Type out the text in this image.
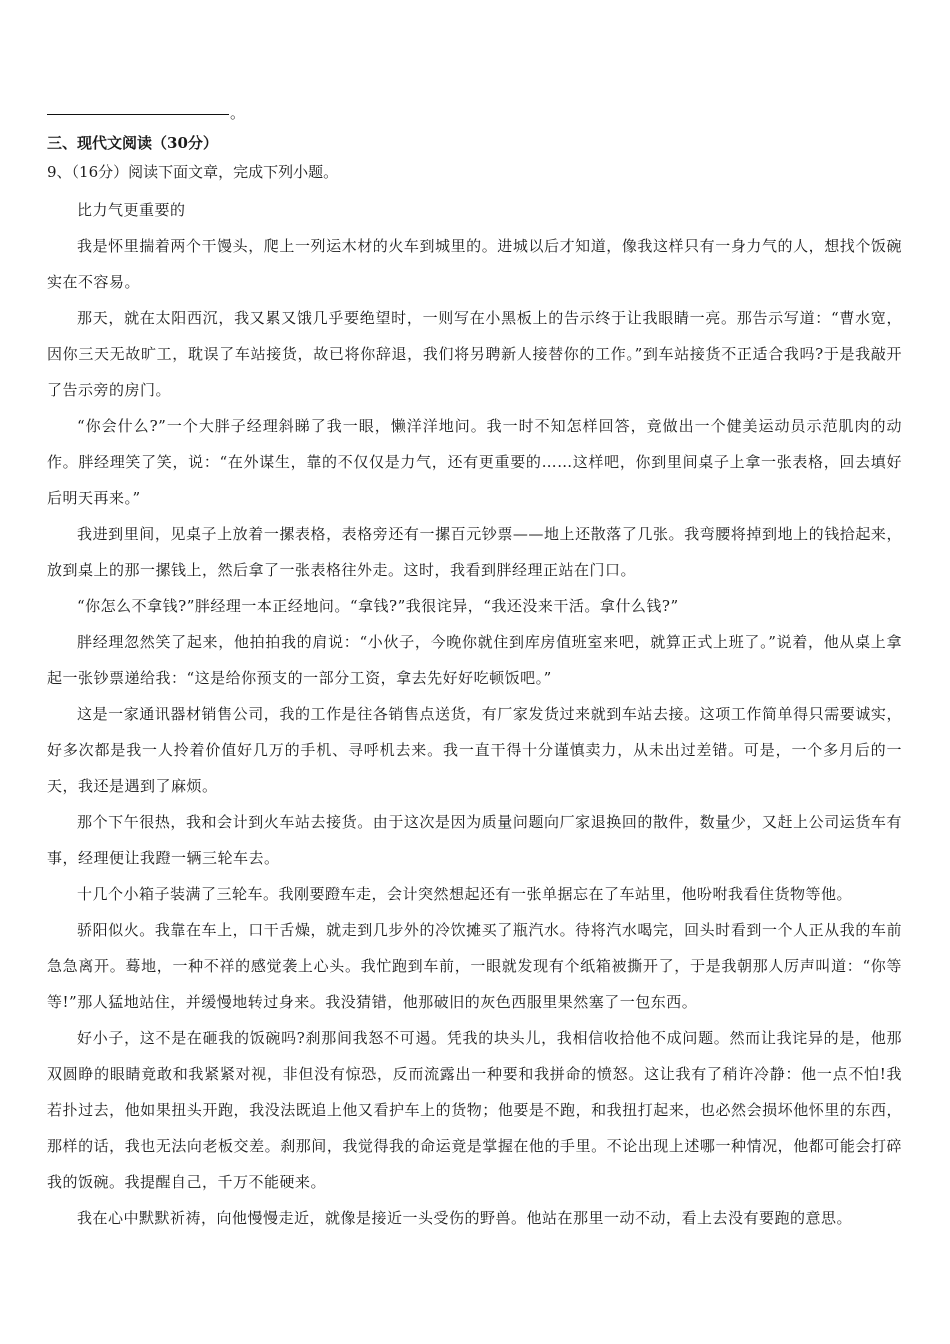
。
三、现代文阅读（30分）
9、（16分）阅读下面文章，完成下列小题。

比力气更重要的

我是怀里揣着两个干馒头，爬上一列运木材的火车到城里的。进城以后才知道，像我这样只有一身力气的人，想找个饭碗实在不容易。

那天，就在太阳西沉，我又累又饿几乎要绝望时，一则写在小黑板上的告示终于让我眼睛一亮。那告示写道：“曹水宽，因你三天无故旷工，耽误了车站接货，故已将你辞退，我们将另聘新人接替你的工作。”到车站接货不正适合我吗?于是我敲开了告示旁的房门。

“你会什么?”一个大胖子经理斜睇了我一眼，懒洋洋地问。我一时不知怎样回答，竟做出一个健美运动员示范肌肉的动作。胖经理笑了笑，说：“在外谋生，靠的不仅仅是力气，还有更重要的……这样吧，你到里间桌子上拿一张表格，回去填好后明天再来。”

我进到里间，见桌子上放着一摞表格，表格旁还有一摞百元钞票——地上还散落了几张。我弯腰将掉到地上的钱拾起来，放到桌上的那一摞钱上，然后拿了一张表格往外走。这时，我看到胖经理正站在门口。

“你怎么不拿钱?”胖经理一本正经地问。“拿钱?”我很诧异，“我还没来干活。拿什么钱?”

胖经理忽然笑了起来，他拍拍我的肩说：“小伙子，今晚你就住到库房值班室来吧，就算正式上班了。”说着，他从桌上拿起一张钞票递给我：“这是给你预支的一部分工资，拿去先好好吃顿饭吧。”

这是一家通讯器材销售公司，我的工作是往各销售点送货，有厂家发货过来就到车站去接。这项工作简单得只需要诚实，好多次都是我一人拎着价值好几万的手机、寻呼机去来。我一直干得十分谨慎卖力，从未出过差错。可是，一个多月后的一天，我还是遇到了麻烦。

那个下午很热，我和会计到火车站去接货。由于这次是因为质量问题向厂家退换回的散件，数量少，又赶上公司运货车有事，经理便让我蹬一辆三轮车去。

十几个小箱子装满了三轮车。我刚要蹬车走，会计突然想起还有一张单据忘在了车站里，他吩咐我看住货物等他。

骄阳似火。我靠在车上，口干舌燥，就走到几步外的冷饮摊买了瓶汽水。待将汽水喝完，回头时看到一个人正从我的车前急急离开。蓦地，一种不祥的感觉袭上心头。我忙跑到车前，一眼就发现有个纸箱被撕开了，于是我朝那人厉声叫道：“你等等!”那人猛地站住，并缓慢地转过身来。我没猜错，他那破旧的灰色西服里果然塞了一包东西。

好小子，这不是在砸我的饭碗吗?刹那间我怒不可遏。凭我的块头儿，我相信收拾他不成问题。然而让我诧异的是，他那双圆睁的眼睛竟敢和我紧紧对视，非但没有惊恐，反而流露出一种要和我拼命的愤怒。这让我有了稍许冷静：他一点不怕!我若扑过去，他如果扭头开跑，我没法既追上他又看护车上的货物；他要是不跑，和我扭打起来，也必然会损坏他怀里的东西，那样的话，我也无法向老板交差。刹那间，我觉得我的命运竟是掌握在他的手里。不论出现上述哪一种情况，他都可能会打碎我的饭碗。我提醒自己，千万不能硬来。

我在心中默默祈祷，向他慢慢走近，就像是接近一头受伤的野兽。他站在那里一动不动，看上去没有要跑的意思。
